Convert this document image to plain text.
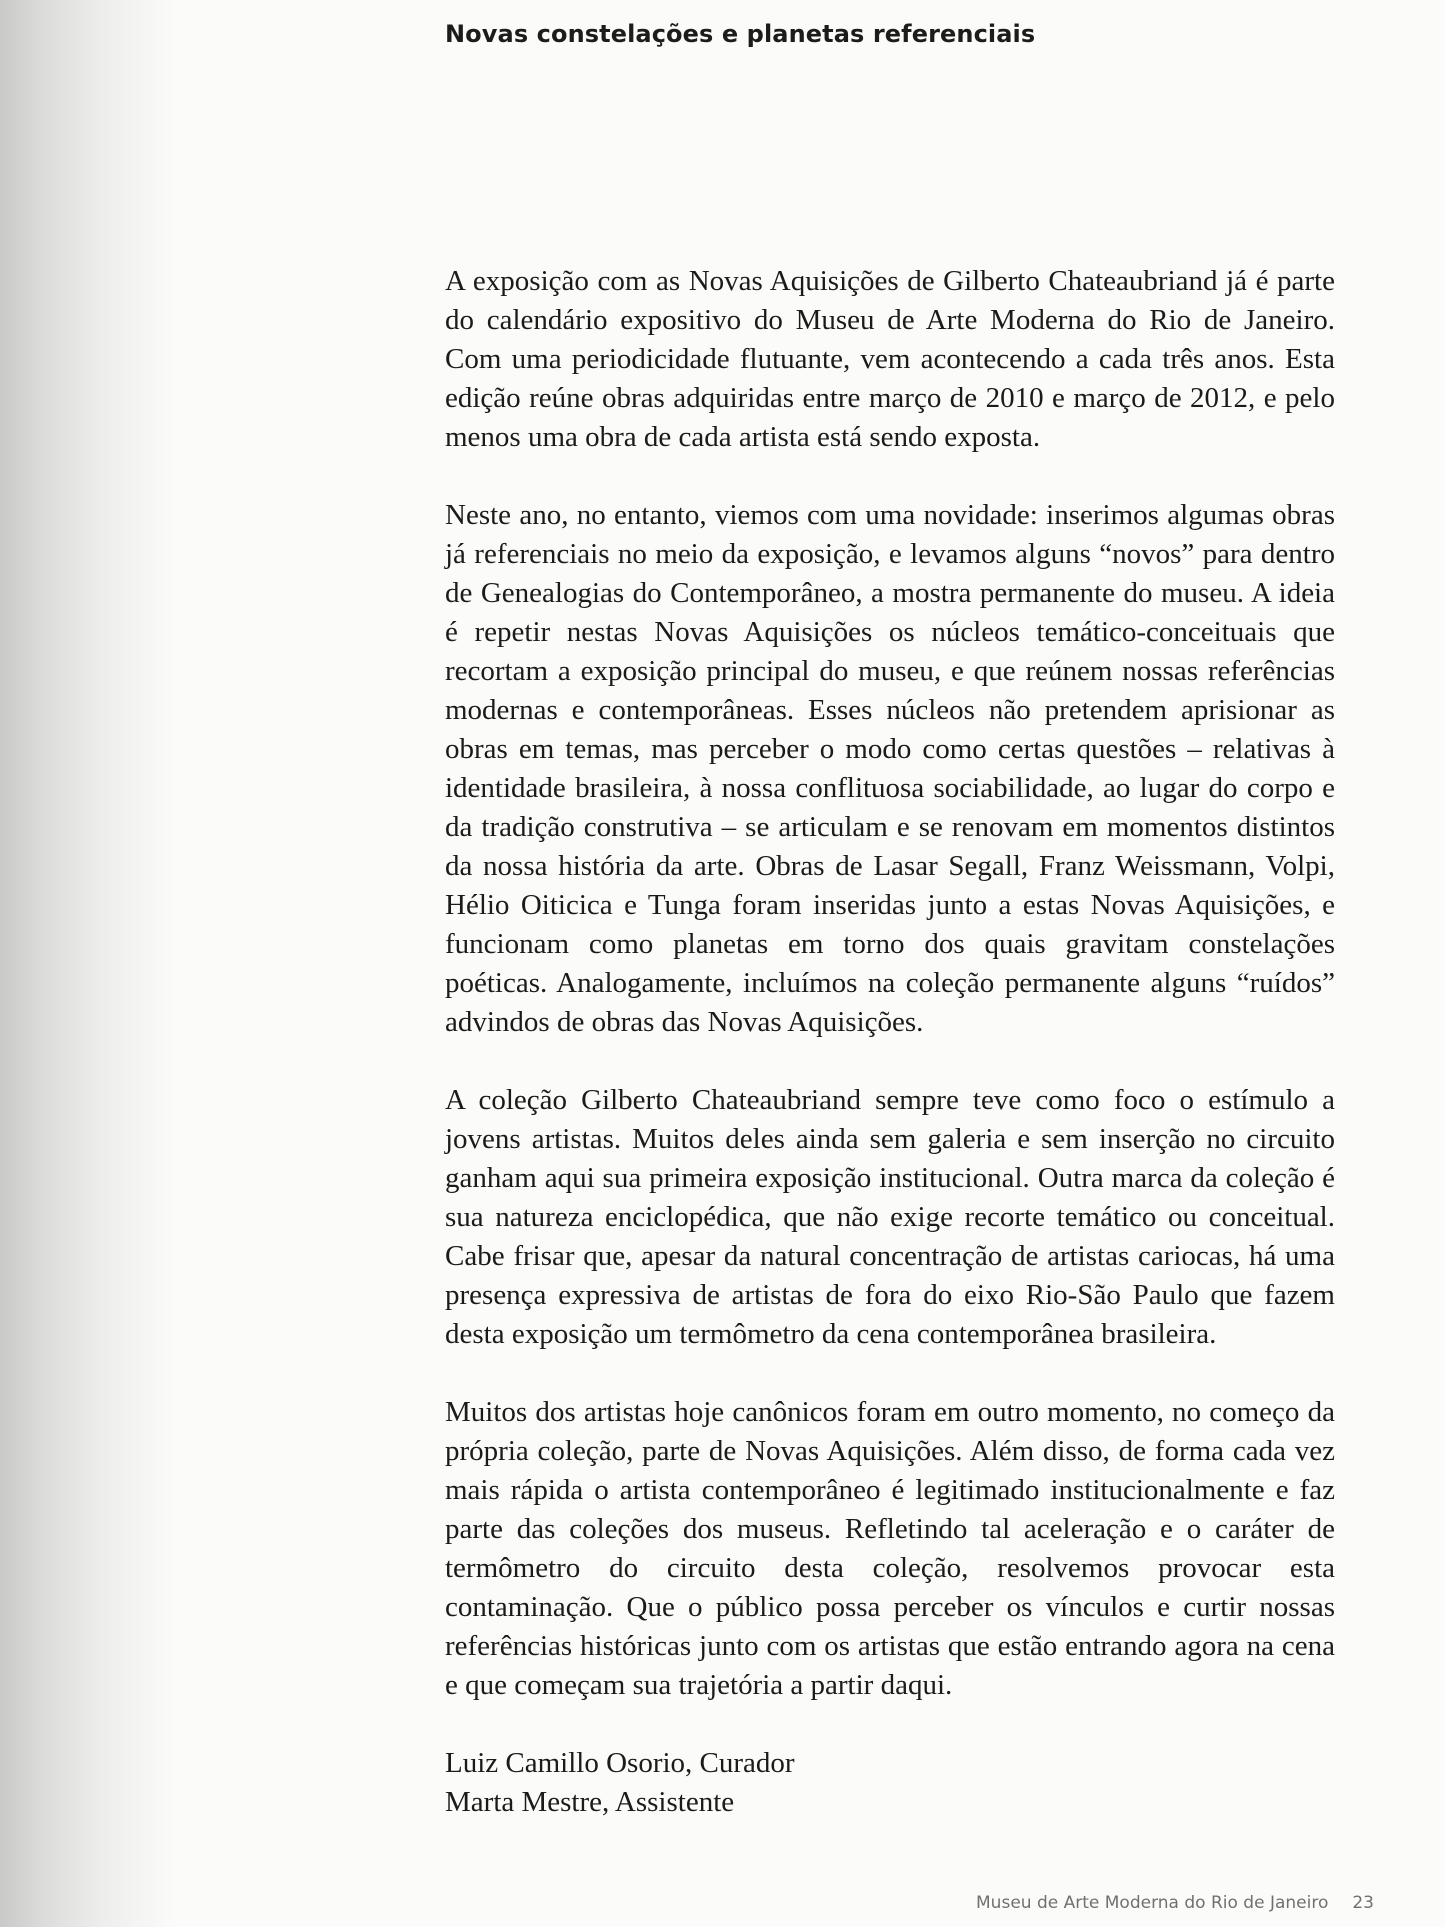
Novas constelações e planetas referenciais

A exposição com as Novas Aquisições de Gilberto Chateaubriand já é parte do calendário expositivo do Museu de Arte Moderna do Rio de Janeiro. Com uma periodicidade flutuante, vem acontecendo a cada três anos. Esta edição reúne obras adquiridas entre março de 2010 e março de 2012, e pelo menos uma obra de cada artista está sendo exposta.

Neste ano, no entanto, viemos com uma novidade: inserimos algumas obras já referenciais no meio da exposição, e levamos alguns “novos” para dentro de Genealogias do Contemporâneo, a mostra permanente do museu. A ideia é repetir nestas Novas Aquisições os núcleos temático-conceituais que recortam a exposição principal do museu, e que reúnem nossas referências modernas e contemporâneas. Esses núcleos não pretendem aprisionar as obras em temas, mas perceber o modo como certas questões – relativas à identidade brasileira, à nossa conflituosa sociabilidade, ao lugar do corpo e da tradição construtiva – se articulam e se renovam em momentos distintos da nossa história da arte. Obras de Lasar Segall, Franz Weissmann, Volpi, Hélio Oiticica e Tunga foram inseridas junto a estas Novas Aquisições, e funcionam como planetas em torno dos quais gravitam constelações poéticas. Analogamente, incluímos na coleção permanente alguns “ruídos” advindos de obras das Novas Aquisições.

A coleção Gilberto Chateaubriand sempre teve como foco o estímulo a jovens artistas. Muitos deles ainda sem galeria e sem inserção no circuito ganham aqui sua primeira exposição institucional. Outra marca da coleção é sua natureza enciclopédica, que não exige recorte temático ou conceitual. Cabe frisar que, apesar da natural concentração de artistas cariocas, há uma presença expressiva de artistas de fora do eixo Rio-São Paulo que fazem desta exposição um termômetro da cena contemporânea brasileira.

Muitos dos artistas hoje canônicos foram em outro momento, no começo da própria coleção, parte de Novas Aquisições. Além disso, de forma cada vez mais rápida o artista contemporâneo é legitimado institucionalmente e faz parte das coleções dos museus. Refletindo tal aceleração e o caráter de termômetro do circuito desta coleção, resolvemos provocar esta contaminação. Que o público possa perceber os vínculos e curtir nossas referências históricas junto com os artistas que estão entrando agora na cena e que começam sua trajetória a partir daqui.

Luiz Camillo Osorio, Curador
Marta Mestre, Assistente
Museu de Arte Moderna do Rio de Janeiro 23
